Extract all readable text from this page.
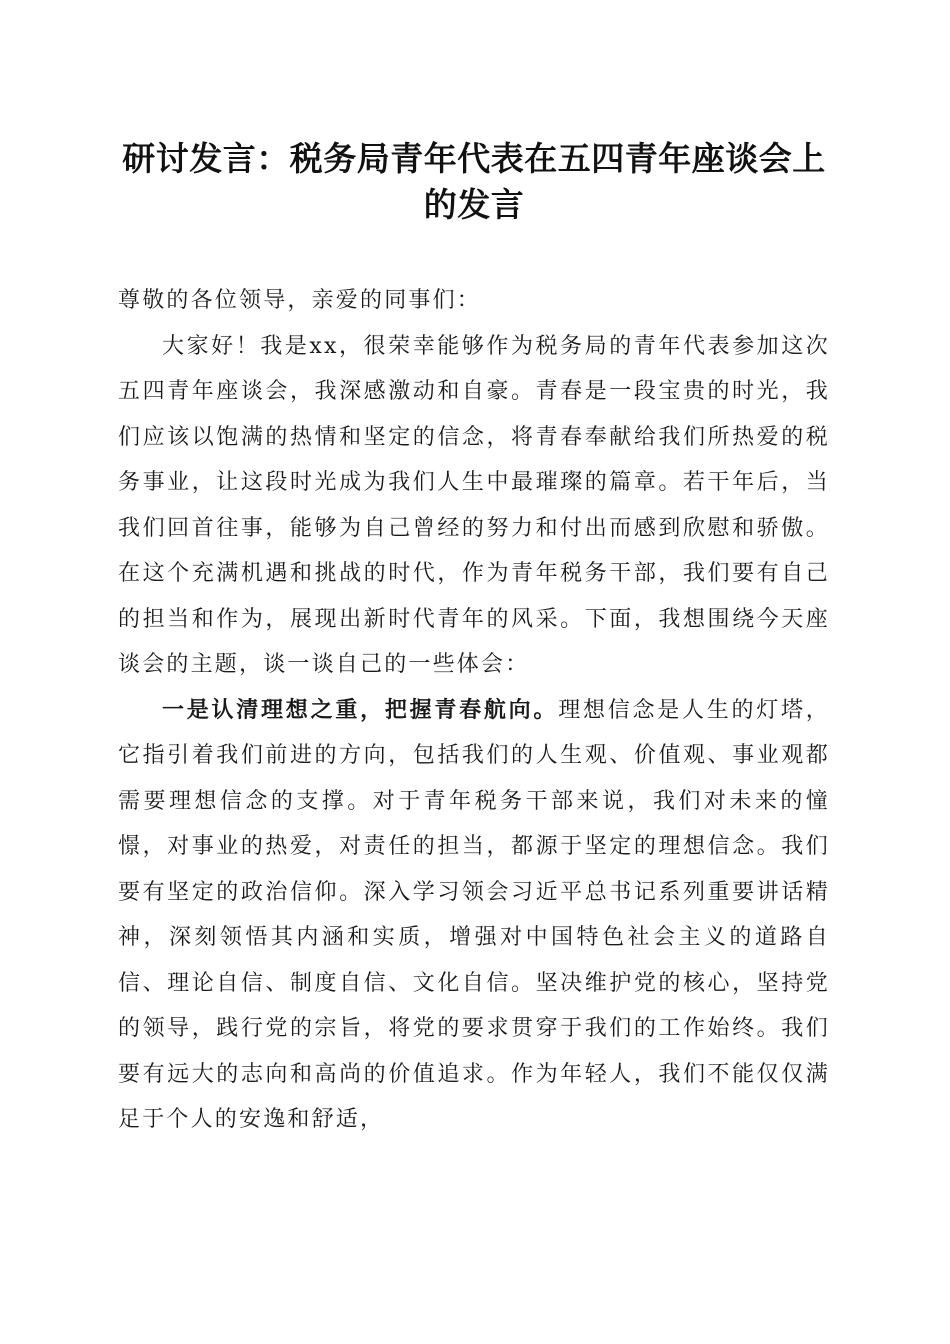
研讨发言：税务局青年代表在五四青年座谈会上的发言

尊敬的各位领导，亲爱的同事们：

大家好！我是xx，很荣幸能够作为税务局的青年代表参加这次五四青年座谈会，我深感激动和自豪。青春是一段宝贵的时光，我们应该以饱满的热情和坚定的信念，将青春奉献给我们所热爱的税务事业，让这段时光成为我们人生中最璀璨的篇章。若干年后，当我们回首往事，能够为自己曾经的努力和付出而感到欣慰和骄傲。在这个充满机遇和挑战的时代，作为青年税务干部，我们要有自己的担当和作为，展现出新时代青年的风采。下面，我想围绕今天座谈会的主题，谈一谈自己的一些体会：

一是认清理想之重，把握青春航向。理想信念是人生的灯塔，它指引着我们前进的方向，包括我们的人生观、价值观、事业观都需要理想信念的支撑。对于青年税务干部来说，我们对未来的憧憬，对事业的热爱，对责任的担当，都源于坚定的理想信念。我们要有坚定的政治信仰。深入学习领会习近平总书记系列重要讲话精神，深刻领悟其内涵和实质，增强对中国特色社会主义的道路自信、理论自信、制度自信、文化自信。坚决维护党的核心，坚持党的领导，践行党的宗旨，将党的要求贯穿于我们的工作始终。我们要有远大的志向和高尚的价值追求。作为年轻人，我们不能仅仅满足于个人的安逸和舒适，
